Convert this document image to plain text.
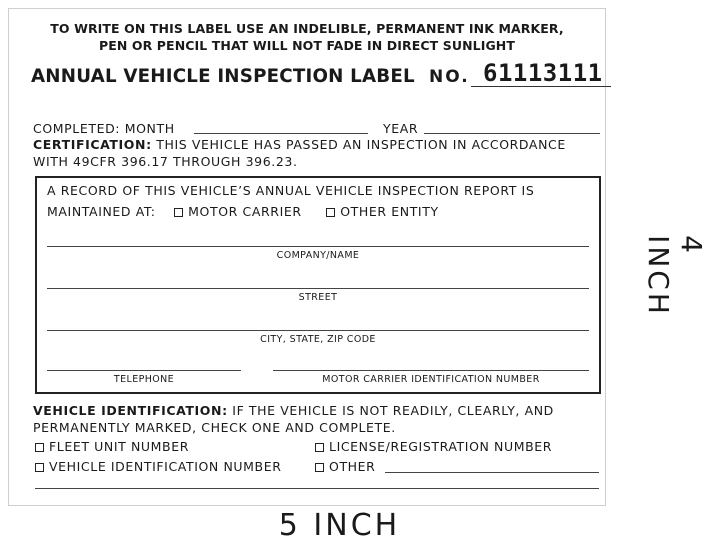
TO WRITE ON THIS LABEL USE AN INDELIBLE, PERMANENT INK MARKER,
PEN OR PENCIL THAT WILL NOT FADE IN DIRECT SUNLIGHT
ANNUAL VEHICLE INSPECTION LABEL NO. 61113111
COMPLETED: MONTH	YEAR
CERTIFICATION: THIS VEHICLE HAS PASSED AN INSPECTION IN ACCORDANCE
WITH 49CFR 396.17 THROUGH 396.23.
A RECORD OF THIS VEHICLE’S ANNUAL VEHICLE INSPECTION REPORT IS
MAINTAINED AT:	MOTOR CARRIER	OTHER ENTITY
COMPANY/NAME
STREET
CITY, STATE, ZIP CODE
TELEPHONE	MOTOR CARRIER IDENTIFICATION NUMBER
VEHICLE IDENTIFICATION: IF THE VEHICLE IS NOT READILY, CLEARLY, AND
PERMANENTLY MARKED, CHECK ONE AND COMPLETE.
FLEET UNIT NUMBER	LICENSE/REGISTRATION NUMBER
VEHICLE IDENTIFICATION NUMBER	OTHER
4 INCH
5 INCH
